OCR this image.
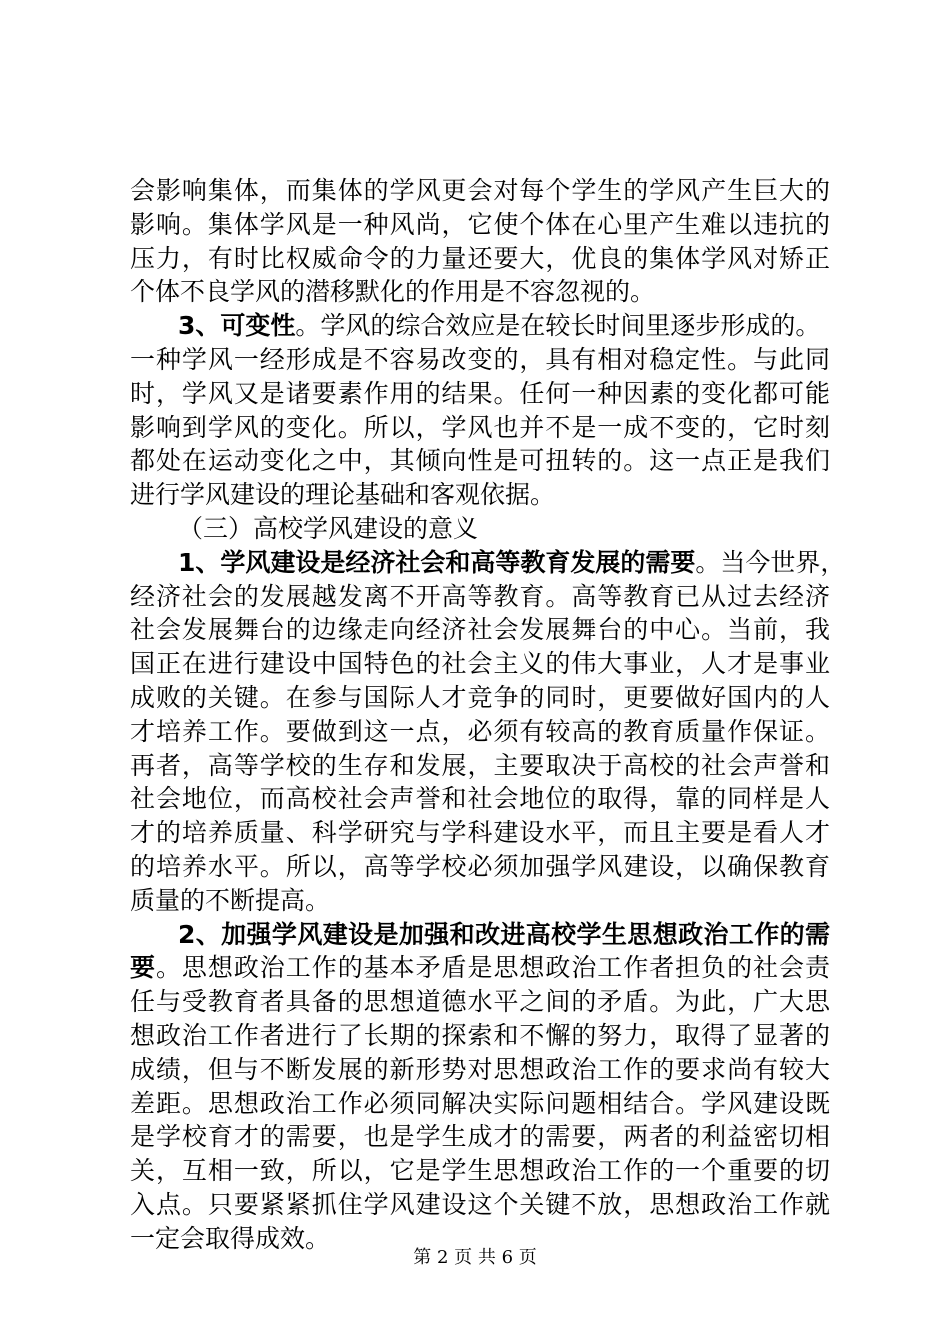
会影响集体，而集体的学风更会对每个学生的学风产生巨大的
影响。集体学风是一种风尚，它使个体在心里产生难以违抗的
压力，有时比权威命令的力量还要大，优良的集体学风对矫正
个体不良学风的潜移默化的作用是不容忽视的。
3、可变性。学风的综合效应是在较长时间里逐步形成的。
一种学风一经形成是不容易改变的，具有相对稳定性。与此同
时，学风又是诸要素作用的结果。任何一种因素的变化都可能
影响到学风的变化。所以，学风也并不是一成不变的，它时刻
都处在运动变化之中，其倾向性是可扭转的。这一点正是我们
进行学风建设的理论基础和客观依据。
（三）高校学风建设的意义
1、学风建设是经济社会和高等教育发展的需要。当今世界，
经济社会的发展越发离不开高等教育。高等教育已从过去经济
社会发展舞台的边缘走向经济社会发展舞台的中心。当前，我
国正在进行建设中国特色的社会主义的伟大事业，人才是事业
成败的关键。在参与国际人才竞争的同时，更要做好国内的人
才培养工作。要做到这一点，必须有较高的教育质量作保证。
再者，高等学校的生存和发展，主要取决于高校的社会声誉和
社会地位，而高校社会声誉和社会地位的取得，靠的同样是人
才的培养质量、科学研究与学科建设水平，而且主要是看人才
的培养水平。所以，高等学校必须加强学风建设，以确保教育
质量的不断提高。
2、加强学风建设是加强和改进高校学生思想政治工作的需
要。思想政治工作的基本矛盾是思想政治工作者担负的社会责
任与受教育者具备的思想道德水平之间的矛盾。为此，广大思
想政治工作者进行了长期的探索和不懈的努力，取得了显著的
成绩，但与不断发展的新形势对思想政治工作的要求尚有较大
差距。思想政治工作必须同解决实际问题相结合。学风建设既
是学校育才的需要，也是学生成才的需要，两者的利益密切相
关，互相一致，所以，它是学生思想政治工作的一个重要的切
入点。只要紧紧抓住学风建设这个关键不放，思想政治工作就
一定会取得成效。
第 2 页 共 6 页
